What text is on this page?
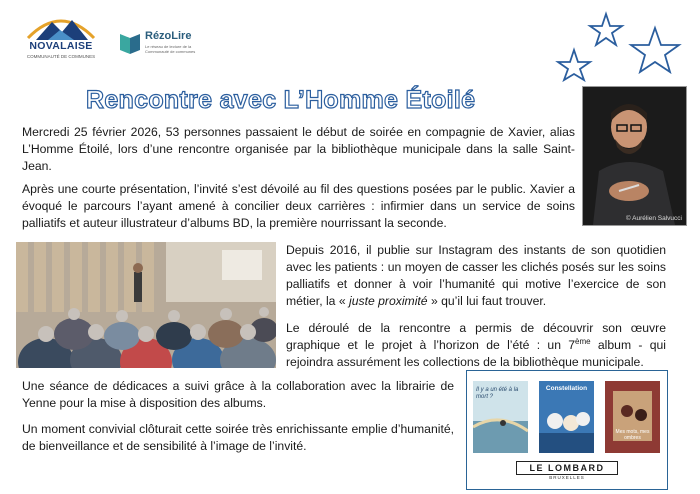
NOVALAISE
COMMUNAUTÉ DE COMMUNES
RézoLire
Le réseau de lecture de la Communauté de communes
Rencontre avec L’Homme Étoilé
© Aurélien Salvucci

Mercredi 25 février 2026, 53 personnes passaient le début de soirée en compagnie de Xavier, alias L’Homme Étoilé, lors d’une rencontre organisée par la bibliothèque municipale dans la salle Saint-Jean.

Après une courte présentation, l’invité s’est dévoilé au fil des questions posées par le public. Xavier a évoqué le parcours l’ayant amené à concilier deux carrières : infirmier dans un service de soins palliatifs et auteur illustrateur d’albums BD, la première nourrissant la seconde.

Depuis 2016, il publie sur Instagram des instants de son quotidien avec les patients : un moyen de casser les clichés posés sur les soins palliatifs et donner à voir l’humanité qui motive l’exercice de son métier, la « juste proximité » qu’il lui faut trouver.

Le déroulé de la rencontre a permis de découvrir son œuvre graphique et le projet à l’horizon de l’été : un 7ème album - qui rejoindra assurément les collections de la bibliothèque municipale.

Une séance de dédicaces a suivi grâce à la collaboration avec la librairie de Yenne pour la mise à disposition des albums.

Un moment convivial clôturait cette soirée très enrichissante emplie d’humanité, de bienveillance et de sensibilité à l’image de l’invité.

Il y a un été à la mort ?
Constellation
Mes mots, mes ombres
LE LOMBARD
BRUXELLES
